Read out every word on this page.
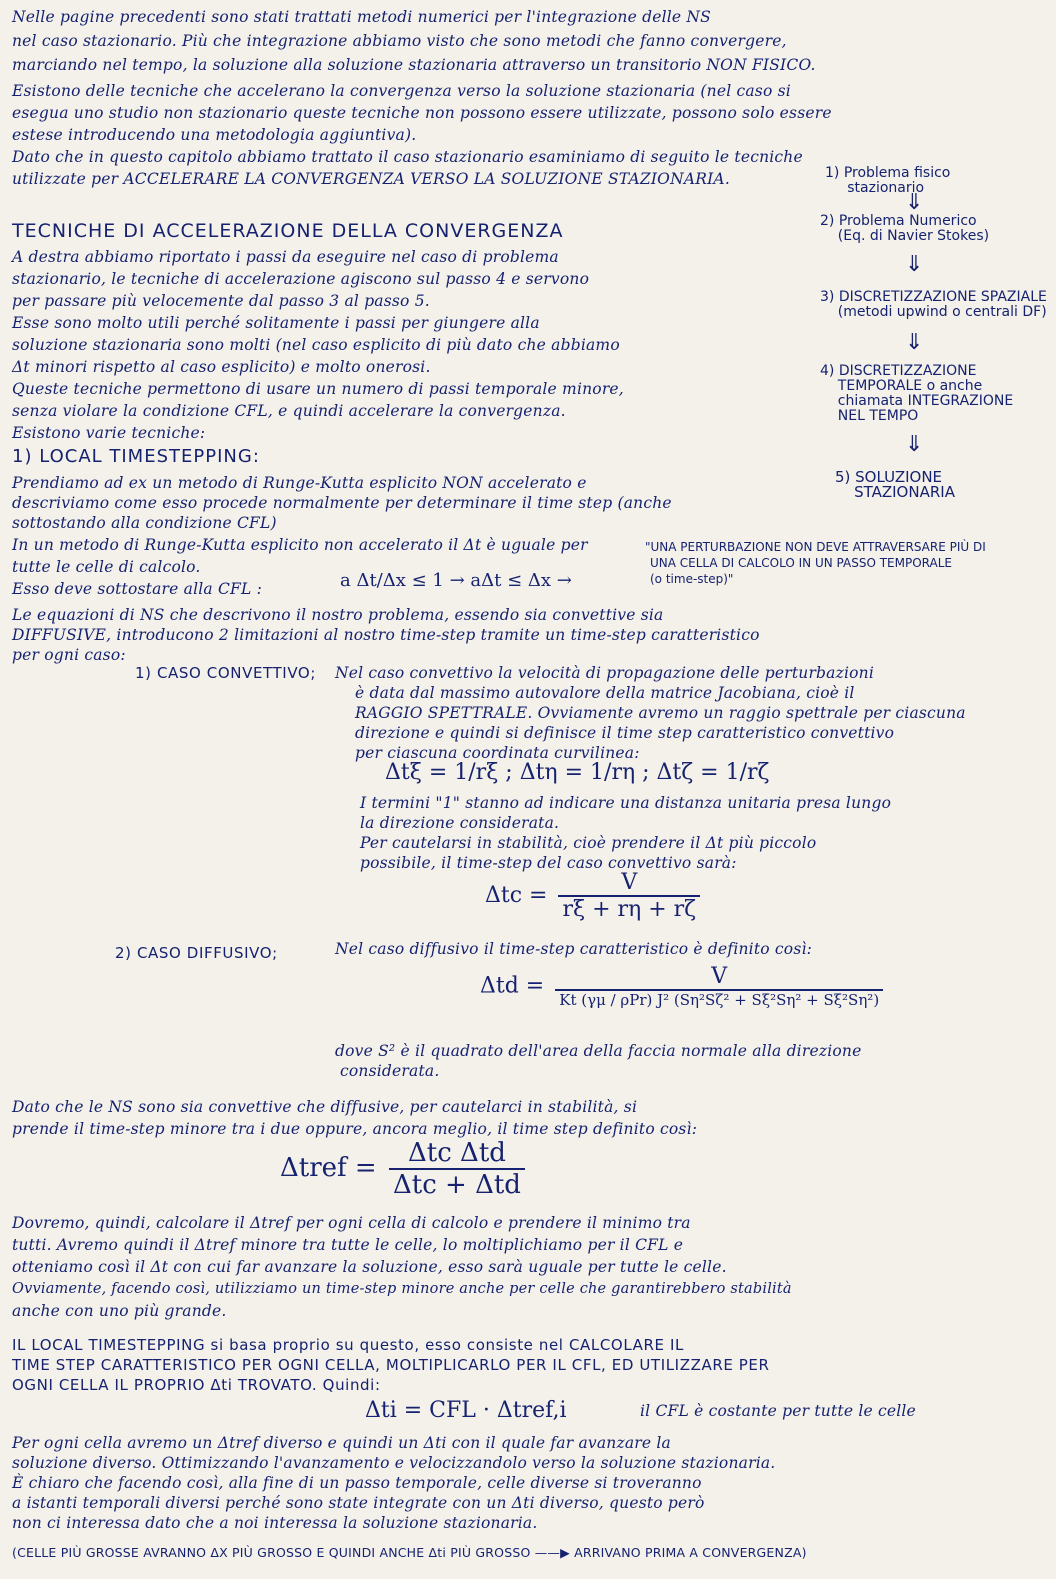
Nelle pagine precedenti sono stati trattati metodi numerici per l'integrazione delle NS
nel caso stazionario. Più che integrazione abbiamo visto che sono metodi che fanno convergere,
marciando nel tempo, la soluzione alla soluzione stazionaria attraverso un transitorio NON FISICO.
Esistono delle tecniche che accelerano la convergenza verso la soluzione stazionaria (nel caso si
esegua uno studio non stazionario queste tecniche non possono essere utilizzate, possono solo essere
estese introducendo una metodologia aggiuntiva).
Dato che in questo capitolo abbiamo trattato il caso stazionario esaminiamo di seguito le tecniche
utilizzate per ACCELERARE LA CONVERGENZA VERSO LA SOLUZIONE STAZIONARIA.	1) Problema fisico
stazionario
⇓
2) Problema Numerico
(Eq. di Navier Stokes)
⇓
3) DISCRETIZZAZIONE SPAZIALE
(metodi upwind o centrali DF)
⇓
4) DISCRETIZZAZIONE
TEMPORALE o anche
chiamata INTEGRAZIONE
NEL TEMPO
⇓
5) SOLUZIONE
STAZIONARIA
TECNICHE DI ACCELERAZIONE DELLA CONVERGENZA
A destra abbiamo riportato i passi da eseguire nel caso di problema
stazionario, le tecniche di accelerazione agiscono sul passo 4 e servono
per passare più velocemente dal passo 3 al passo 5.
Esse sono molto utili perché solitamente i passi per giungere alla
soluzione stazionaria sono molti (nel caso esplicito di più dato che abbiamo
Δt minori rispetto al caso esplicito) e molto onerosi.
Queste tecniche permettono di usare un numero di passi temporale minore,
senza violare la condizione CFL, e quindi accelerare la convergenza.
Esistono varie tecniche:
1) LOCAL TIMESTEPPING:
Prendiamo ad ex un metodo di Runge-Kutta esplicito NON accelerato e
descriviamo come esso procede normalmente per determinare il time step (anche
sottostando alla condizione CFL)
In un metodo di Runge-Kutta esplicito non accelerato il Δt è uguale per
tutte le celle di calcolo.
Esso deve sottostare alla CFL :	a Δt/Δx ≤ 1 → aΔt ≤ Δx →
"UNA PERTURBAZIONE NON DEVE ATTRAVERSARE PIÙ DI
UNA CELLA DI CALCOLO IN UN PASSO TEMPORALE
(o time-step)"
Le equazioni di NS che descrivono il nostro problema, essendo sia convettive sia
DIFFUSIVE, introducono 2 limitazioni al nostro time-step tramite un time-step caratteristico
per ogni caso:
1) CASO CONVETTIVO; Nel caso convettivo la velocità di propagazione delle perturbazioni
è data dal massimo autovalore della matrice Jacobiana, cioè il
RAGGIO SPETTRALE. Ovviamente avremo un raggio spettrale per ciascuna
direzione e quindi si definisce il time step caratteristico convettivo
per ciascuna coordinata curvilinea:
Δtξ = 1/rξ ; Δtη = 1/rη ; Δtζ = 1/rζ
I termini "1" stanno ad indicare una distanza unitaria presa lungo
la direzione considerata.
Per cautelarsi in stabilità, cioè prendere il Δt più piccolo
possibile, il time-step del caso convettivo sarà:
$\Delta tc = \frac{V}{r\xi + r\eta + r\zeta}$
2) CASO DIFFUSIVO;	Nel caso diffusivo il time-step caratteristico è definito così:
$\Delta td = \frac{V}{\text{Kt (γμ / ρPr) J² (Sη²Sζ² + Sξ²Sη² + Sξ²Sη²)}}$
dove S² è il quadrato dell'area della faccia normale alla direzione
considerata.
Dato che le NS sono sia convettive che diffusive, per cautelarci in stabilità, si
prende il time-step minore tra i due oppure, ancora meglio, il time step definito così:
Δtref = $\frac{\text{Δtc Δtd}}{\text{Δtc + Δtd}}$
Dovremo, quindi, calcolare il Δtref per ogni cella di calcolo e prendere il minimo tra
tutti. Avremo quindi il Δtref minore tra tutte le celle, lo moltiplichiamo per il CFL e
otteniamo così il Δt con cui far avanzare la soluzione, esso sarà uguale per tutte le celle.
Ovviamente, facendo così, utilizziamo un time-step minore anche per celle che garantirebbero stabilità
anche con uno più grande.
IL LOCAL TIMESTEPPING si basa proprio su questo, esso consiste nel CALCOLARE IL
TIME STEP CARATTERISTICO PER OGNI CELLA, MOLTIPLICARLO PER IL CFL, ED UTILIZZARE PER
OGNI CELLA IL PROPRIO Δti TROVATO. Quindi:
Δti = CFL · Δtref,i	il CFL è costante per tutte le celle
Per ogni cella avremo un Δtref diverso e quindi un Δti con il quale far avanzare la
soluzione diverso. Ottimizzando l'avanzamento e velocizzandolo verso la soluzione stazionaria.
È chiaro che facendo così, alla fine di un passo temporale, celle diverse si troveranno
a istanti temporali diversi perché sono state integrate con un Δti diverso, questo però
non ci interessa dato che a noi interessa la soluzione stazionaria.
(CELLE PIÙ GROSSE AVRANNO ΔX PIÙ GROSSO E QUINDI ANCHE Δti PIÙ GROSSO ——▶ ARRIVANO PRIMA A CONVERGENZA)
